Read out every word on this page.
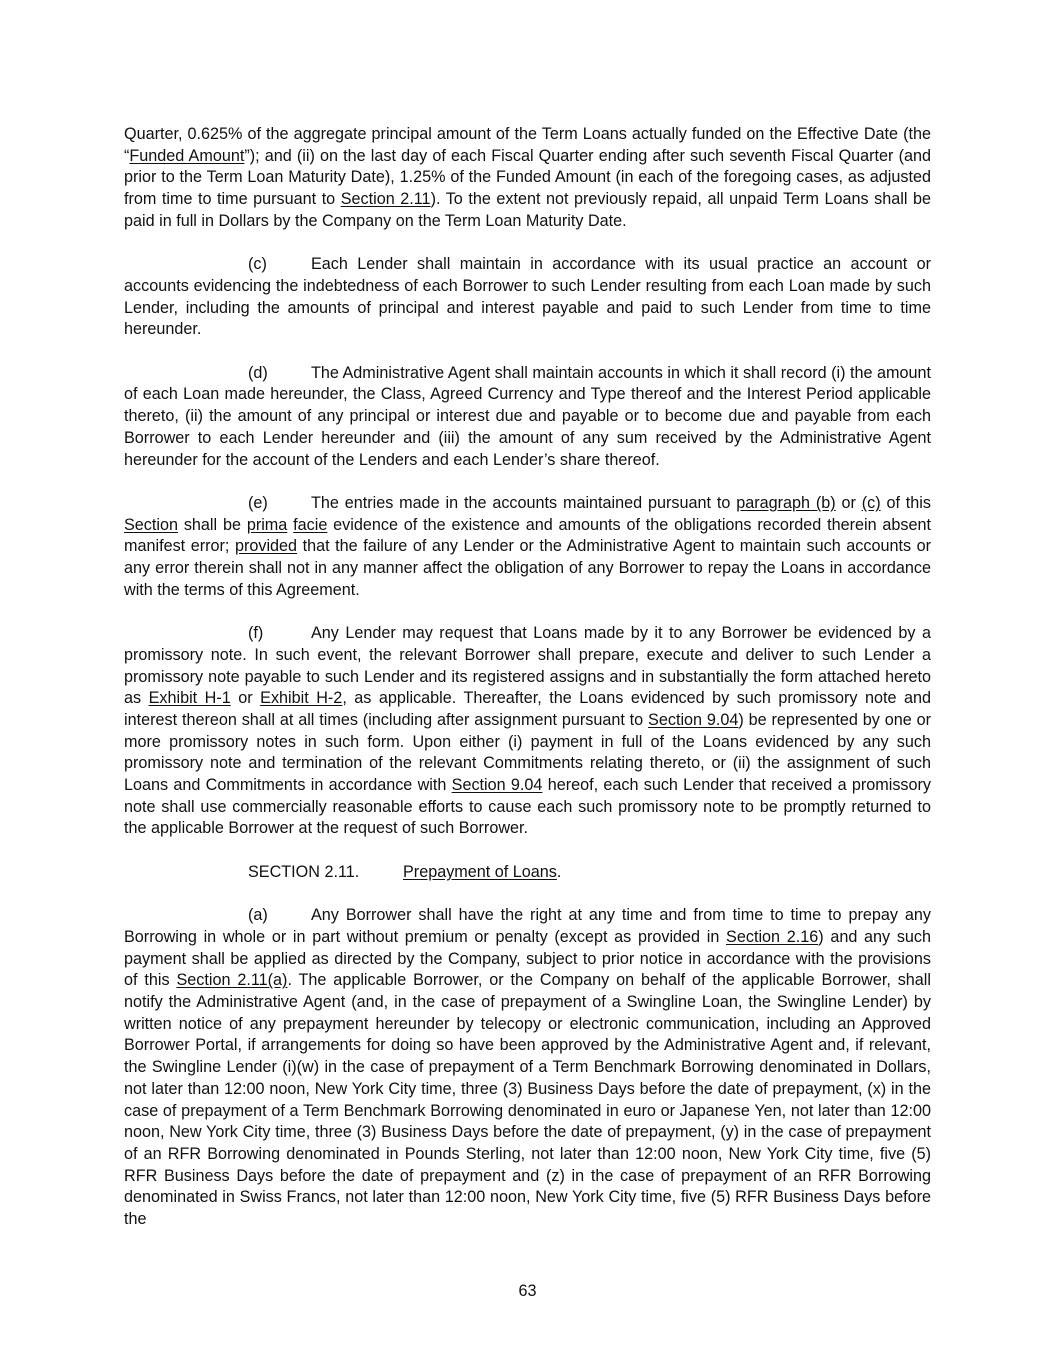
Quarter, 0.625% of the aggregate principal amount of the Term Loans actually funded on the Effective Date (the “Funded Amount”); and (ii) on the last day of each Fiscal Quarter ending after such seventh Fiscal Quarter (and prior to the Term Loan Maturity Date), 1.25% of the Funded Amount (in each of the foregoing cases, as adjusted from time to time pursuant to Section 2.11). To the extent not previously repaid, all unpaid Term Loans shall be paid in full in Dollars by the Company on the Term Loan Maturity Date.

(c)	Each Lender shall maintain in accordance with its usual practice an account or accounts evidencing the indebtedness of each Borrower to such Lender resulting from each Loan made by such Lender, including the amounts of principal and interest payable and paid to such Lender from time to time hereunder.

(d)	The Administrative Agent shall maintain accounts in which it shall record (i) the amount of each Loan made hereunder, the Class, Agreed Currency and Type thereof and the Interest Period applicable thereto, (ii) the amount of any principal or interest due and payable or to become due and payable from each Borrower to each Lender hereunder and (iii) the amount of any sum received by the Administrative Agent hereunder for the account of the Lenders and each Lender’s share thereof.

(e)	The entries made in the accounts maintained pursuant to paragraph (b) or (c) of this Section shall be prima facie evidence of the existence and amounts of the obligations recorded therein absent manifest error; provided that the failure of any Lender or the Administrative Agent to maintain such accounts or any error therein shall not in any manner affect the obligation of any Borrower to repay the Loans in accordance with the terms of this Agreement.

(f)	Any Lender may request that Loans made by it to any Borrower be evidenced by a promissory note. In such event, the relevant Borrower shall prepare, execute and deliver to such Lender a promissory note payable to such Lender and its registered assigns and in substantially the form attached hereto as Exhibit H-1 or Exhibit H-2, as applicable. Thereafter, the Loans evidenced by such promissory note and interest thereon shall at all times (including after assignment pursuant to Section 9.04) be represented by one or more promissory notes in such form. Upon either (i) payment in full of the Loans evidenced by any such promissory note and termination of the relevant Commitments relating thereto, or (ii) the assignment of such Loans and Commitments in accordance with Section 9.04 hereof, each such Lender that received a promissory note shall use commercially reasonable efforts to cause each such promissory note to be promptly returned to the applicable Borrower at the request of such Borrower.

SECTION 2.11.	Prepayment of Loans.

(a)	Any Borrower shall have the right at any time and from time to time to prepay any Borrowing in whole or in part without premium or penalty (except as provided in Section 2.16) and any such payment shall be applied as directed by the Company, subject to prior notice in accordance with the provisions of this Section 2.11(a). The applicable Borrower, or the Company on behalf of the applicable Borrower, shall notify the Administrative Agent (and, in the case of prepayment of a Swingline Loan, the Swingline Lender) by written notice of any prepayment hereunder by telecopy or electronic communication, including an Approved Borrower Portal, if arrangements for doing so have been approved by the Administrative Agent and, if relevant, the Swingline Lender (i)(w) in the case of prepayment of a Term Benchmark Borrowing denominated in Dollars, not later than 12:00 noon, New York City time, three (3) Business Days before the date of prepayment, (x) in the case of prepayment of a Term Benchmark Borrowing denominated in euro or Japanese Yen, not later than 12:00 noon, New York City time, three (3) Business Days before the date of prepayment, (y) in the case of prepayment of an RFR Borrowing denominated in Pounds Sterling, not later than 12:00 noon, New York City time, five (5) RFR Business Days before the date of prepayment and (z) in the case of prepayment of an RFR Borrowing denominated in Swiss Francs, not later than 12:00 noon, New York City time, five (5) RFR Business Days before the

63
